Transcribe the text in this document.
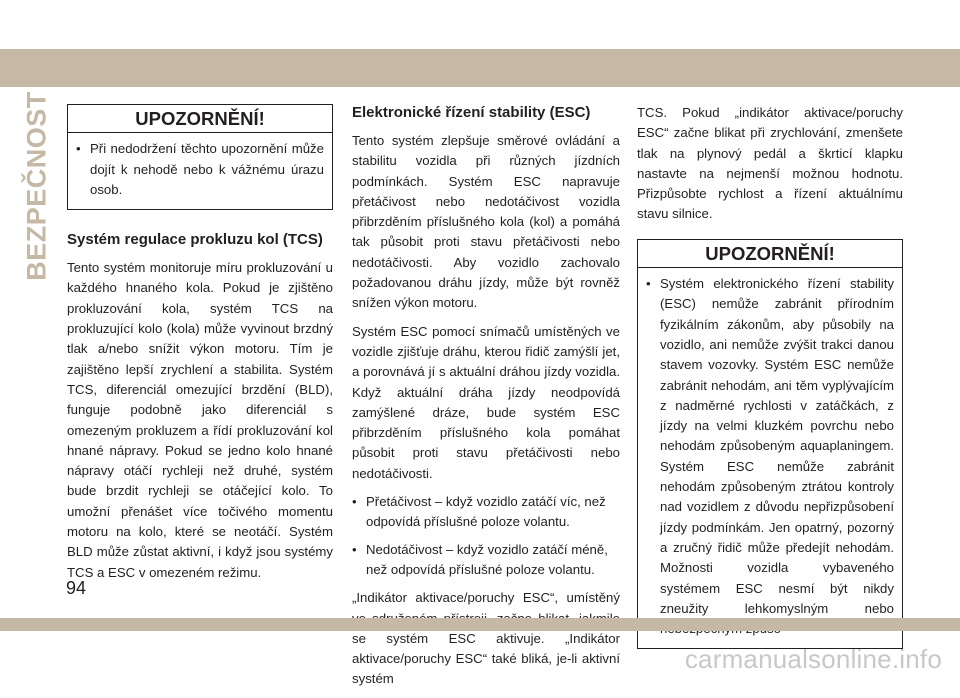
BEZPEČNOST	UPOZORNĚNÍ!
• Při nedodržení těchto upozornění může dojít k nehodě nebo k vážnému úrazu osob.
Systém regulace prokluzu kol (TCS)

Tento systém monitoruje míru prokluzování u každého hnaného kola. Pokud je zjištěno prokluzování kola, systém TCS na prokluzující kolo (kola) může vyvinout brzdný tlak a/nebo snížit výkon motoru. Tím je zajištěno lepší zrychlení a stabilita. Systém TCS, diferenciál omezující brzdění (BLD), funguje podobně jako diferenciál s omezeným prokluzem a řídí prokluzování kol hnané nápravy. Pokud se jedno kolo hnané nápravy otáčí rychleji než druhé, systém bude brzdit rychleji se otáčející kolo. To umožní přenášet více točivého momentu motoru na kolo, které se neotáčí. Systém BLD může zůstat aktivní, i když jsou systémy TCS a ESC v omezeném režimu.

Elektronické řízení stability (ESC)

Tento systém zlepšuje směrové ovládání a stabilitu vozidla při různých jízdních podmínkách. Systém ESC napravuje přetáčivost nebo nedotáčivost vozidla přibrzděním příslušného kola (kol) a pomáhá tak působit proti stavu přetáčivosti nebo nedotáčivosti. Aby vozidlo zachovalo požadovanou dráhu jízdy, může být rovněž snížen výkon motoru.

Systém ESC pomocí snímačů umístěných ve vozidle zjišťuje dráhu, kterou řidič zamýšlí jet, a porovnává jí s aktuální dráhou jízdy vozidla. Když aktuální dráha jízdy neodpovídá zamýšlené dráze, bude systém ESC přibrzděním příslušného kola pomáhat působit proti stavu přetáčivosti nebo nedotáčivosti.

• Přetáčivost – když vozidlo zatáčí víc, než odpovídá příslušné poloze volantu.
• Nedotáčivost – když vozidlo zatáčí méně, než odpovídá příslušné poloze volantu.

„Indikátor aktivace/poruchy ESC“, umístěný se systém ESC aktivuje. „Indikátor aktivace/poruchy ESC“ také bliká, je-li aktivní systém

TCS. Pokud „indikátor aktivace/poruchy ESC“ začne blikat při zrychlování, zmenšete tlak na plynový pedál a škrticí klapku nastavte na nejmenší možnou hodnotu. Přizpůsobte rychlost a řízení aktuálnímu stavu silnice.

UPOZORNĚNÍ!
• Systém elektronického řízení stability (ESC) nemůže zabránit přírodním fyzikálním zákonům, aby působily na vozidlo, ani nemůže zvýšit trakci danou stavem vozovky. Systém ESC nemůže zabránit nehodám, ani těm vyplývajícím z nadměrné rychlosti v zatáčkách, z jízdy na velmi kluzkém povrchu nebo nehodám způsobeným aquaplaningem. Systém ESC nemůže zabránit nehodám způsobeným ztrátou kontroly nad vozidlem z důvodu nepřizpůsobení jízdy podmínkám. Jen opatrný, pozorný a zručný řidič může předejít nehodám. Možnosti vozidla vybaveného systémem ESC nesmí být nikdy zneužity lehkomyslným nebo
94
carmanualsonline.info
